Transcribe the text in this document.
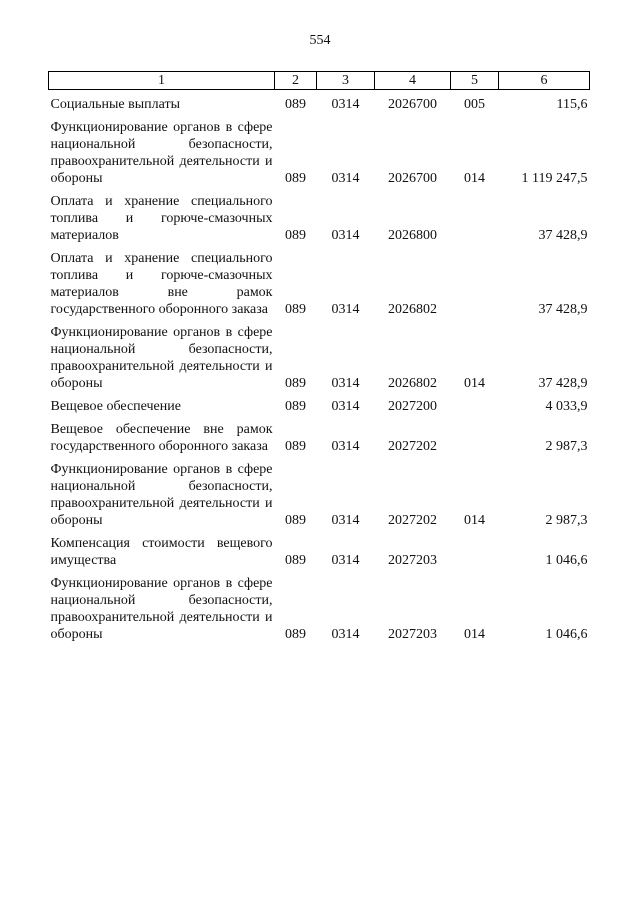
554
1	2	3	4	5	6

Социальные выплаты	089	0314	2026700	005	115,6
Функционирование органов в сфере национальной безопасности, правоохранительной деятельности и обороны	089	0314	2026700	014	1 119 247,5
Оплата и хранение специального топлива и горюче-смазочных материалов	089	0314	2026800		37 428,9
Оплата и хранение специального топлива и горюче-смазочных материалов вне рамок государственного оборонного заказа	089	0314	2026802		37 428,9
Функционирование органов в сфере национальной безопасности, правоохранительной деятельности и обороны	089	0314	2026802	014	37 428,9
Вещевое обеспечение	089	0314	2027200		4 033,9
Вещевое обеспечение вне рамок государственного оборонного заказа	089	0314	2027202		2 987,3
Функционирование органов в сфере национальной безопасности, правоохранительной деятельности и обороны	089	0314	2027202	014	2 987,3
Компенсация стоимости вещевого имущества	089	0314	2027203		1 046,6
Функционирование органов в сфере национальной безопасности, правоохранительной деятельности и обороны	089	0314	2027203	014	1 046,6
